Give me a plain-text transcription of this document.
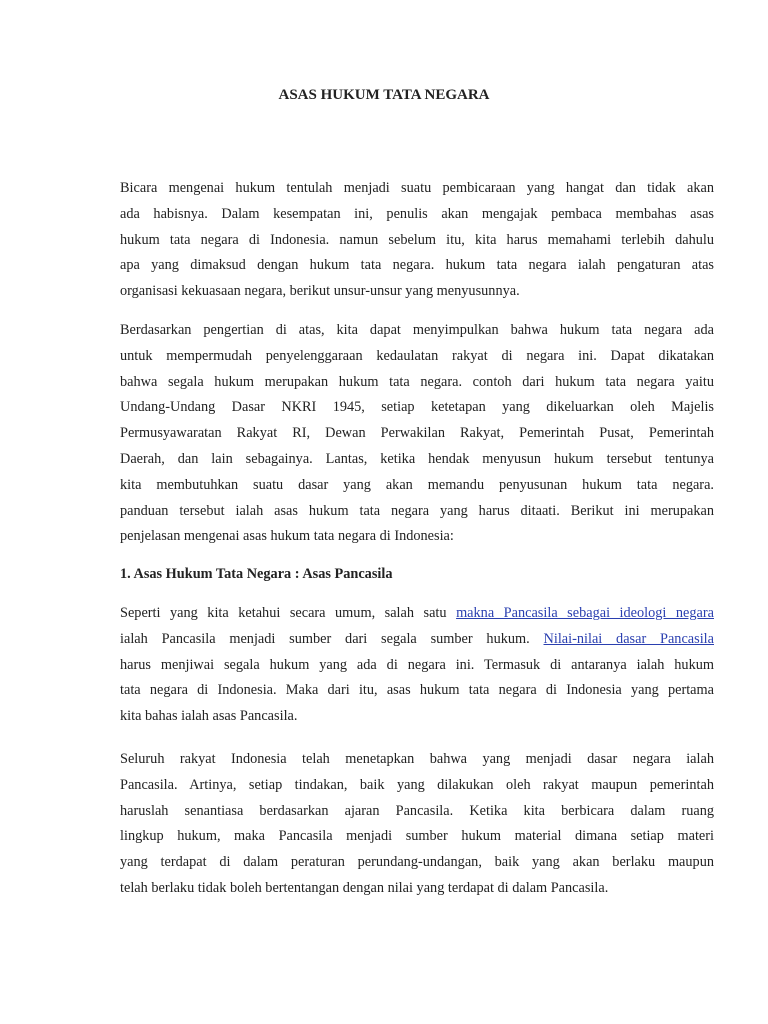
ASAS HUKUM TATA NEGARA
Bicara mengenai hukum tentulah menjadi suatu pembicaraan yang hangat dan tidak akan
ada habisnya. Dalam kesempatan ini, penulis akan mengajak pembaca membahas asas
hukum tata negara di Indonesia. namun sebelum itu, kita harus memahami terlebih dahulu
apa yang dimaksud dengan hukum tata negara. hukum tata negara ialah pengaturan atas
organisasi kekuasaan negara, berikut unsur-unsur yang menyusunnya.
Berdasarkan pengertian di atas, kita dapat menyimpulkan bahwa hukum tata negara ada
untuk mempermudah penyelenggaraan kedaulatan rakyat di negara ini. Dapat dikatakan
bahwa segala hukum merupakan hukum tata negara. contoh dari hukum tata negara yaitu
Undang-Undang Dasar NKRI 1945, setiap ketetapan yang dikeluarkan oleh Majelis
Permusyawaratan Rakyat RI, Dewan Perwakilan Rakyat, Pemerintah Pusat, Pemerintah
Daerah, dan lain sebagainya. Lantas, ketika hendak menyusun hukum tersebut tentunya
kita membutuhkan suatu dasar yang akan memandu penyusunan hukum tata negara.
panduan tersebut ialah asas hukum tata negara yang harus ditaati. Berikut ini merupakan
penjelasan mengenai asas hukum tata negara di Indonesia:
1. Asas Hukum Tata Negara : Asas Pancasila
Seperti yang kita ketahui secara umum, salah satu makna Pancasila sebagai ideologi negara
ialah Pancasila menjadi sumber dari segala sumber hukum. Nilai-nilai dasar Pancasila
harus menjiwai segala hukum yang ada di negara ini. Termasuk di antaranya ialah hukum
tata negara di Indonesia. Maka dari itu, asas hukum tata negara di Indonesia yang pertama
kita bahas ialah asas Pancasila.
Seluruh rakyat Indonesia telah menetapkan bahwa yang menjadi dasar negara ialah
Pancasila. Artinya, setiap tindakan, baik yang dilakukan oleh rakyat maupun pemerintah
haruslah senantiasa berdasarkan ajaran Pancasila. Ketika kita berbicara dalam ruang
lingkup hukum, maka Pancasila menjadi sumber hukum material dimana setiap materi
yang terdapat di dalam peraturan perundang-undangan, baik yang akan berlaku maupun
telah berlaku tidak boleh bertentangan dengan nilai yang terdapat di dalam Pancasila.
